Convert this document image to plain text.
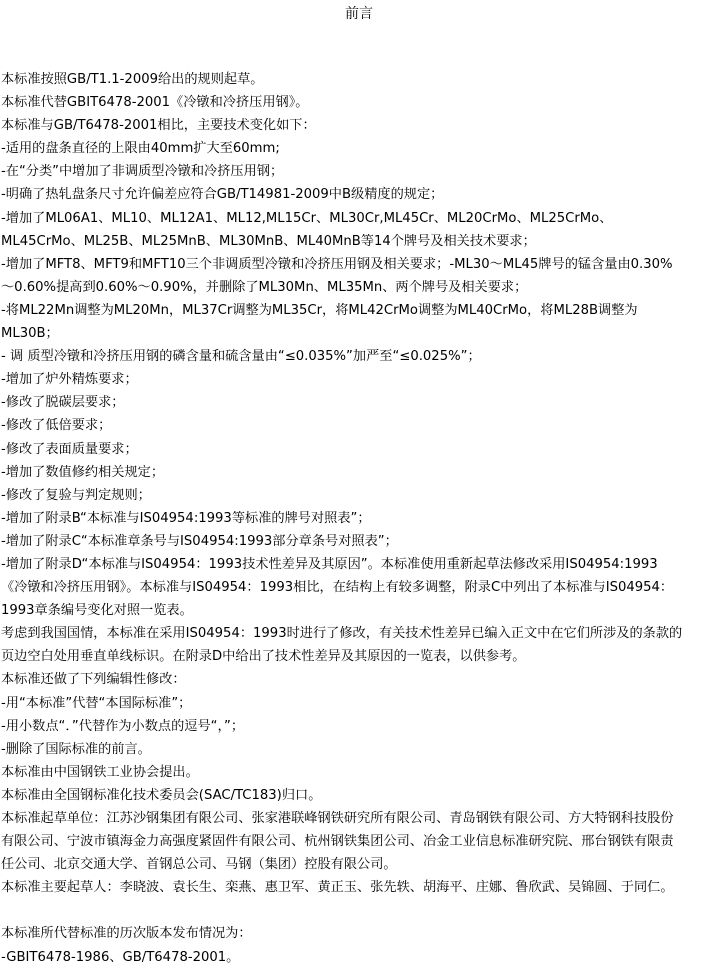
前言
本标准按照GB/T1.1-2009给出的规则起草。
本标准代替GBIT6478-2001《冷镦和冷挤压用钢》。
本标准与GB/T6478-2001相比，主要技术变化如下：
-适用的盘条直径的上限由40mm扩大至60mm;
-在“分类”中增加了非调质型冷镦和冷挤压用钢；
-明确了热轧盘条尺寸允许偏差应符合GB/T14981-2009中B级精度的规定；
-增加了ML06A1、ML10、ML12A1、ML12,ML15Cr、ML30Cr,ML45Cr、ML20CrMo、ML25CrMo、
ML45CrMo、ML25B、ML25MnB、ML30MnB、ML40MnB等14个牌号及相关技术要求；
-增加了MFT8、MFT9和MFT10三个非调质型冷镦和冷挤压用钢及相关要求；-ML30～ML45牌号的锰含量由0.30%
～0.60%提高到0.60%～0.90%，并删除了ML30Mn、ML35Mn、两个牌号及相关要求；
-将ML22Mn调整为ML20Mn，ML37Cr调整为ML35Cr，将ML42CrMo调整为ML40CrMo，将ML28B调整为
ML30B；
- 调 质型冷镦和冷挤压用钢的磷含量和硫含量由“≤0.035%”加严至“≤0.025%”；
-增加了炉外精炼要求；
-修改了脱碳层要求；
-修改了低倍要求；
-修改了表面质量要求；
-增加了数值修约相关规定；
-修改了复验与判定规则；
-增加了附录B“本标准与IS04954:1993等标准的牌号对照表”；
-增加了附录C“本标准章条号与IS04954:1993部分章条号对照表”；
-增加了附录D“本标准与IS04954：1993技术性差异及其原因”。本标准使用重新起草法修改采用IS04954:1993
《冷镦和冷挤压用钢》。本标准与IS04954：1993相比，在结构上有较多调整，附录C中列出了本标准与IS04954：
1993章条编号变化对照一览表。
考虑到我国国情，本标准在采用IS04954：1993时进行了修改，有关技术性差异已编入正文中在它们所涉及的条款的
页边空白处用垂直单线标识。在附录D中给出了技术性差异及其原因的一览表，以供参考。
本标准还做了下列编辑性修改：
-用“本标准”代替“本国际标准”；
-用小数点“．”代替作为小数点的逗号“，”；
-删除了国际标准的前言。
本标准由中国钢铁工业协会提出。
本标准由全国钢标准化技术委员会(SAC/TC183)归口。
本标准起草单位：江苏沙钢集团有限公司、张家港联峰钢铁研究所有限公司、青岛钢铁有限公司、方大特钢科技股份
有限公司、宁波市镇海金力高强度紧固件有限公司、杭州钢铁集团公司、冶金工业信息标准研究院、邢台钢铁有限责
任公司、北京交通大学、首钢总公司、马钢（集团）控股有限公司。
本标准主要起草人：李晓波、袁长生、栾燕、惠卫军、黄正玉、张先轶、胡海平、庄娜、鲁欣武、吴锦圆、于同仁。
本标准所代替标准的历次版本发布情况为：
-GBIT6478-1986、GB/T6478-2001。
